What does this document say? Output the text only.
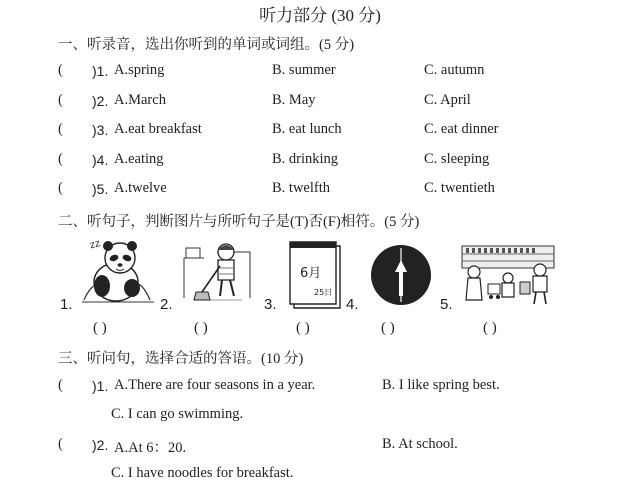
听力部分 (30 分)
一、听录音，选出你听到的单词或词组。(5 分)
( )1. A.spring	B. summer	C. autumn
( )2. A.March	B. May	C. April
( )3. A.eat breakfast	B. eat lunch	C. eat dinner
( )4. A.eating	B. drinking	C. sleeping
( )5. A.twelve	B. twelfth	C. twentieth
二、听句子，判断图片与所听句子是(T)否(F)相符。(5 分)
1.
zz
( )
2.
( )
3.
6月
25日
( )
4.
( )
5.
( )
三、听问句，选择合适的答语。(10 分)
( )1. A.There are four seasons in a year.	B. I like spring best.
C. I can go swimming.
( )2. A.At 6：20.	B. At school.
C. I have noodles for breakfast.
